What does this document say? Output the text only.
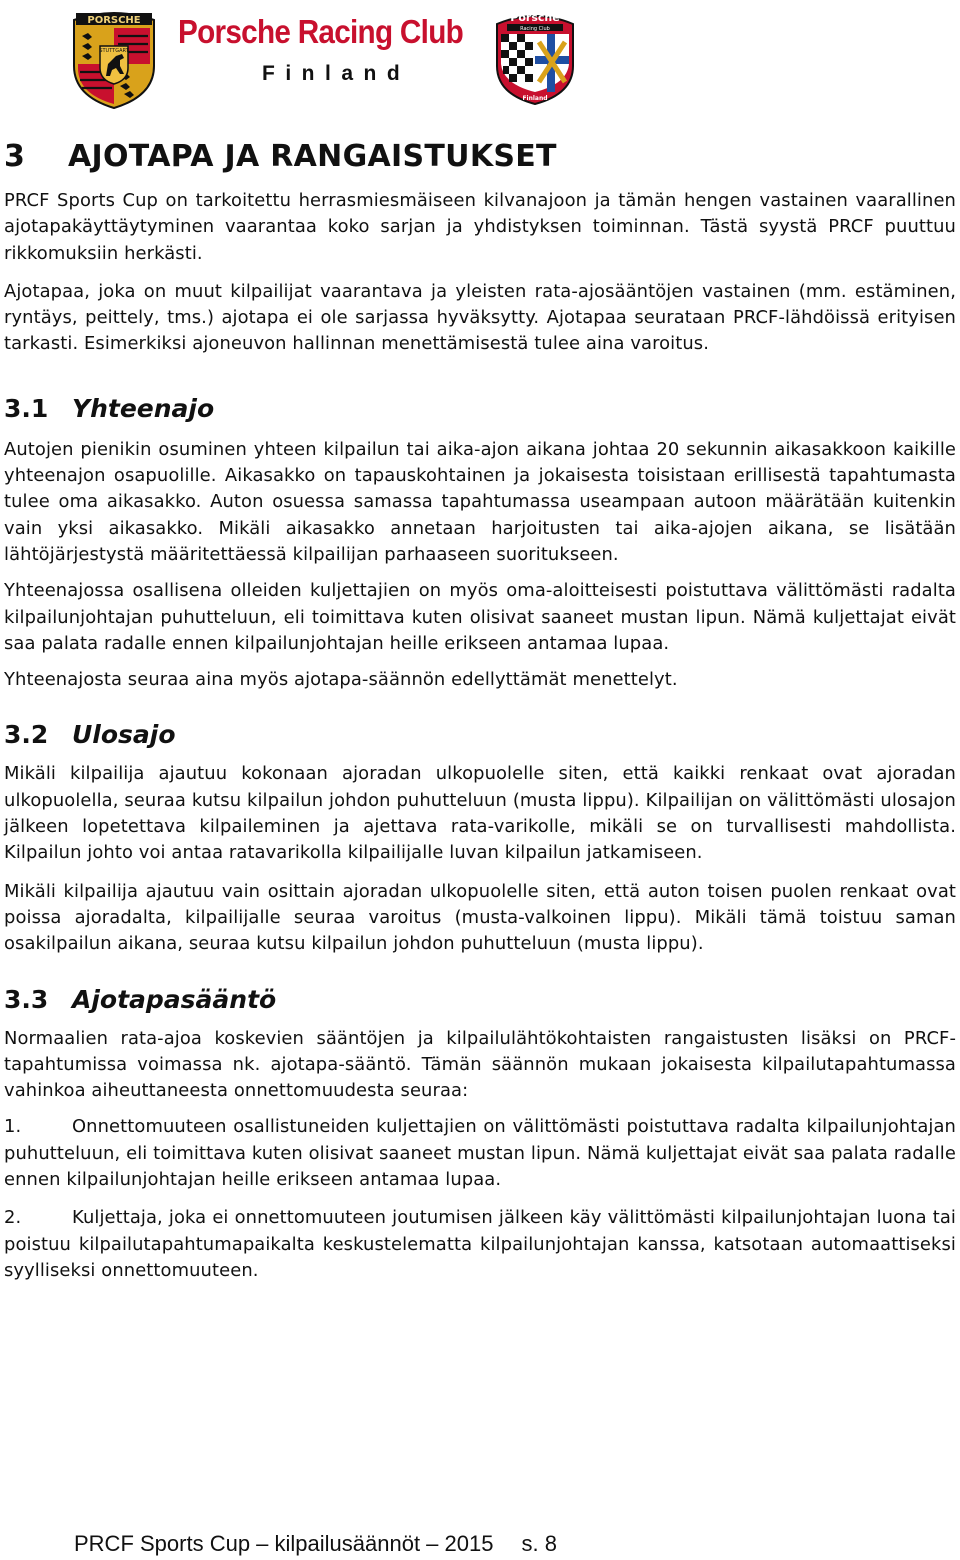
PORSCHE
STUTTGART
Porsche Racing Club
Finland
Porsche
Racing Club
Finland
3 AJOTAPA JA RANGAISTUKSET

PRCF Sports Cup on tarkoitettu herrasmiesmäiseen kilvanajoon ja tämän hengen vastainen vaarallinen ajotapakäyttäytyminen vaarantaa koko sarjan ja yhdistyksen toiminnan. Tästä syystä PRCF puuttuu rikkomuksiin herkästi.

Ajotapaa, joka on muut kilpailijat vaarantava ja yleisten rata-ajosääntöjen vastainen (mm. estäminen, ryntäys, peittely, tms.) ajotapa ei ole sarjassa hyväksytty. Ajotapaa seurataan PRCF-lähdöissä erityisen tarkasti. Esimerkiksi ajoneuvon hallinnan menettämisestä tulee aina varoitus.

3.1 Yhteenajo

Autojen pienikin osuminen yhteen kilpailun tai aika-ajon aikana johtaa 20 sekunnin aikasakkoon kaikille yhteenajon osapuolille. Aikasakko on tapauskohtainen ja jokaisesta toisistaan erillisestä tapahtumasta tulee oma aikasakko. Auton osuessa samassa tapahtumassa useampaan autoon määrätään kuitenkin vain yksi aikasakko. Mikäli aikasakko annetaan harjoitusten tai aika-ajojen aikana, se lisätään lähtöjärjestystä määritettäessä kilpailijan parhaaseen suoritukseen.

Yhteenajossa osallisena olleiden kuljettajien on myös oma-aloitteisesti poistuttava välittömästi radalta kilpailunjohtajan puhutteluun, eli toimittava kuten olisivat saaneet mustan lipun. Nämä kuljettajat eivät saa palata radalle ennen kilpailunjohtajan heille erikseen antamaa lupaa.

Yhteenajosta seuraa aina myös ajotapa-säännön edellyttämät menettelyt.

3.2 Ulosajo

Mikäli kilpailija ajautuu kokonaan ajoradan ulkopuolelle siten, että kaikki renkaat ovat ajoradan ulkopuolella, seuraa kutsu kilpailun johdon puhutteluun (musta lippu). Kilpailijan on välittömästi ulosajon jälkeen lopetettava kilpaileminen ja ajettava rata-varikolle, mikäli se on turvallisesti mahdollista. Kilpailun johto voi antaa ratavarikolla kilpailijalle luvan kilpailun jatkamiseen.

Mikäli kilpailija ajautuu vain osittain ajoradan ulkopuolelle siten, että auton toisen puolen renkaat ovat poissa ajoradalta, kilpailijalle seuraa varoitus (musta-valkoinen lippu). Mikäli tämä toistuu saman osakilpailun aikana, seuraa kutsu kilpailun johdon puhutteluun (musta lippu).

3.3 Ajotapasääntö

Normaalien rata-ajoa koskevien sääntöjen ja kilpailulähtökohtaisten rangaistusten lisäksi on PRCF-tapahtumissa voimassa nk. ajotapa-sääntö. Tämän säännön mukaan jokaisesta kilpailutapahtumassa vahinkoa aiheuttaneesta onnettomuudesta seuraa:

1.	Onnettomuuteen osallistuneiden kuljettajien on välittömästi poistuttava radalta kilpailunjohtajan puhutteluun, eli toimittava kuten olisivat saaneet mustan lipun. Nämä kuljettajat eivät saa palata radalle ennen kilpailunjohtajan heille erikseen antamaa lupaa.

2.	Kuljettaja, joka ei onnettomuuteen joutumisen jälkeen käy välittömästi kilpailunjohtajan luona tai poistuu kilpailutapahtumapaikalta keskustelematta kilpailunjohtajan kanssa, katsotaan automaattiseksi syylliseksi onnettomuuteen.

PRCF Sports Cup – kilpailusäännöt – 2015 s. 8
